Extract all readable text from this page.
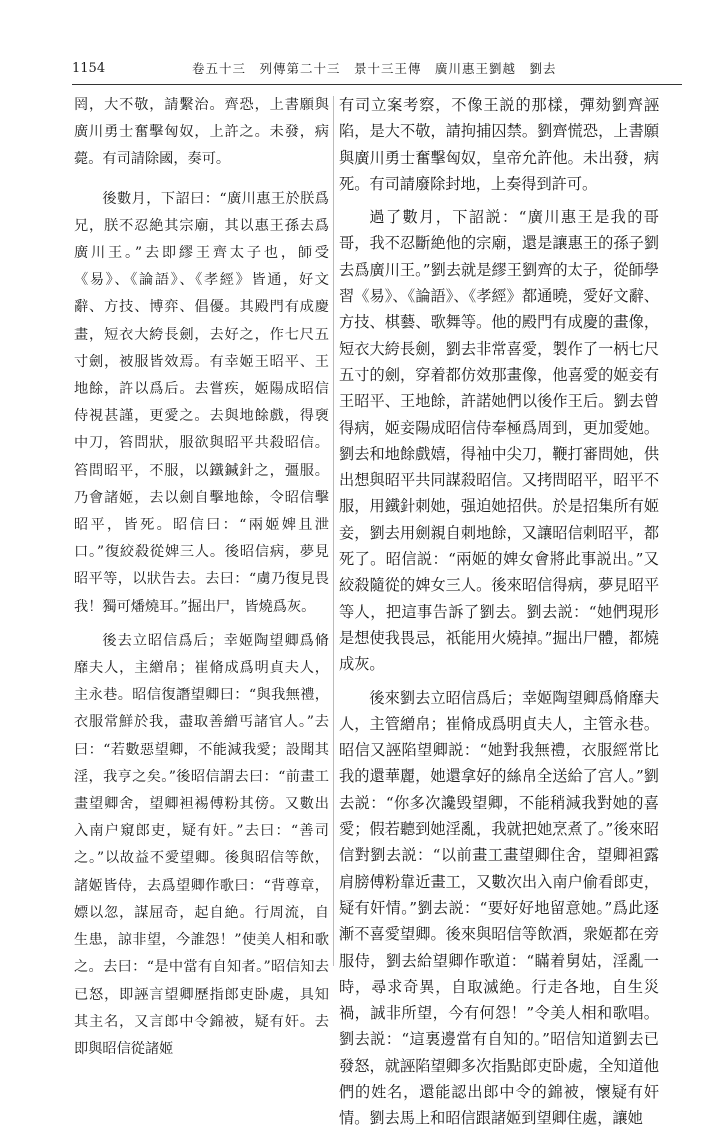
1154	卷五十三　列傳第二十三　景十三王傳　廣川惠王劉越　劉去

罔，大不敬，請繫治。齊恐，上書願與廣川勇士奮擊匈奴，上許之。未發，病薨。有司請除國，奏可。

後數月，下詔曰：“廣川惠王於朕爲兄，朕不忍絶其宗廟，其以惠王孫去爲廣川王。”去即繆王齊太子也，師受《易》、《論語》、《孝經》皆通，好文辭、方技、博弈、倡優。其殿門有成慶畫，短衣大絝長劍，去好之，作七尺五寸劍，被服皆效焉。有幸姬王昭平、王地餘，許以爲后。去嘗疾，姬陽成昭信侍視甚謹，更愛之。去與地餘戲，得褏中刀，笞問狀，服欲與昭平共殺昭信。笞問昭平，不服，以鐵鍼針之，彊服。乃會諸姬，去以劍自擊地餘，令昭信擊昭平，皆死。昭信曰：“兩姬婢且泄口。”復絞殺從婢三人。後昭信病，夢見昭平等，以狀告去。去曰：“虜乃復見畏我！獨可燔燒耳。”掘出尸，皆燒爲灰。

後去立昭信爲后；幸姬陶望卿爲脩靡夫人，主繒帛；崔脩成爲明貞夫人，主永巷。昭信復譖望卿曰：“與我無禮，衣服常鮮於我，盡取善繒丐諸官人。”去曰：“若數惡望卿，不能減我愛；設聞其淫，我亨之矣。”後昭信謂去曰：“前畫工畫望卿舍，望卿袒裼傅粉其傍。又數出入南户窺郎吏，疑有奸。”去曰：“善司之。”以故益不愛望卿。後與昭信等飲，諸姬皆侍，去爲望卿作歌曰：“背尊章，嫖以忽，謀屈奇，起自絶。行周流，自生患，諒非望，今誰怨！”使美人相和歌之。去曰：“是中當有自知者。”昭信知去已怒，即誣言望卿歷指郎吏卧處，具知其主名，又言郎中令錦被，疑有奸。去即與昭信從諸姬

有司立案考察，不像王説的那樣，彈劾劉齊誣陷，是大不敬，請拘捕囚禁。劉齊慌恐，上書願與廣川勇士奮擊匈奴，皇帝允許他。未出發，病死。有司請廢除封地，上奏得到許可。

過了數月，下詔説：“廣川惠王是我的哥哥，我不忍斷絶他的宗廟，還是讓惠王的孫子劉去爲廣川王。”劉去就是繆王劉齊的太子，從師學習《易》、《論語》、《孝經》都通曉，愛好文辭、方技、棋藝、歌舞等。他的殿門有成慶的畫像，短衣大絝長劍，劉去非常喜愛，製作了一柄七尺五寸的劍，穿着都仿效那畫像，他喜愛的姬妾有王昭平、王地餘，許諾她們以後作王后。劉去曾得病，姬妾陽成昭信侍奉極爲周到，更加愛她。劉去和地餘戲嬉，得袖中尖刀，鞭打審問她，供出想與昭平共同謀殺昭信。又拷問昭平，昭平不服，用鐵針刺她，强迫她招供。於是招集所有姬妾，劉去用劍親自刺地餘，又讓昭信刺昭平，都死了。昭信説：“兩姬的婢女會將此事説出。”又絞殺隨從的婢女三人。後來昭信得病，夢見昭平等人，把這事告訴了劉去。劉去説：“她們現形是想使我畏忌，祇能用火燒掉。”掘出尸體，都燒成灰。

後來劉去立昭信爲后；幸姬陶望卿爲脩靡夫人，主管繒帛；崔脩成爲明貞夫人，主管永巷。昭信又誣陷望卿説：“她對我無禮，衣服經常比我的還華麗，她還拿好的絲帛全送給了宫人。”劉去説：“你多次讒毁望卿，不能稍減我對她的喜愛；假若聽到她淫亂，我就把她烹煮了。”後來昭信對劉去説：“以前畫工畫望卿住舍，望卿袒露肩膀傅粉靠近畫工，又數次出入南户偷看郎吏，疑有奸情。”劉去説：“要好好地留意她。”爲此逐漸不喜愛望卿。後來與昭信等飲酒，衆姬都在旁服侍，劉去給望卿作歌道：“瞞着舅姑，淫亂一時，尋求奇異，自取滅絶。行走各地，自生災禍，誠非所望，今有何怨！”令美人相和歌唱。劉去説：“這裏邊當有自知的。”昭信知道劉去已發怒，就誣陷望卿多次指點郎吏卧處，全知道他們的姓名，還能認出郎中令的錦被，懷疑有奸情。劉去馬上和昭信跟諸姬到望卿住處，讓她
